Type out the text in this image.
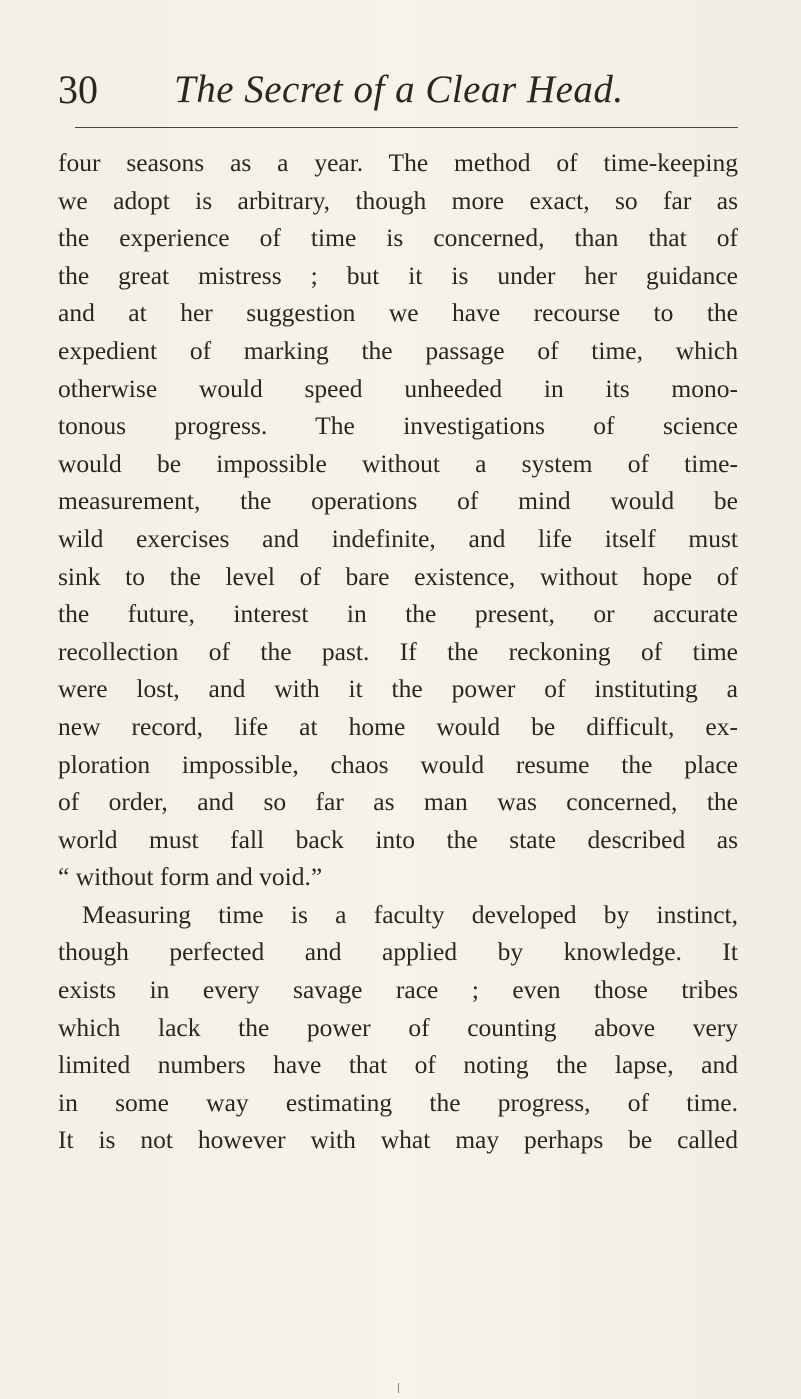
30 The Secret of a Clear Head.
four seasons as a year. The method of time-keeping
we adopt is arbitrary, though more exact, so far as
the experience of time is concerned, than that of
the great mistress ; but it is under her guidance
and at her suggestion we have recourse to the
expedient of marking the passage of time, which
otherwise would speed unheeded in its mono-
tonous progress. The investigations of science
would be impossible without a system of time-
measurement, the operations of mind would be
wild exercises and indefinite, and life itself must
sink to the level of bare existence, without hope of
the future, interest in the present, or accurate
recollection of the past. If the reckoning of time
were lost, and with it the power of instituting a
new record, life at home would be difficult, ex-
ploration impossible, chaos would resume the place
of order, and so far as man was concerned, the
world must fall back into the state described as
“ without form and void.”
Measuring time is a faculty developed by instinct,
though perfected and applied by knowledge. It
exists in every savage race ; even those tribes
which lack the power of counting above very
limited numbers have that of noting the lapse, and
in some way estimating the progress, of time.
It is not however with what may perhaps be called
